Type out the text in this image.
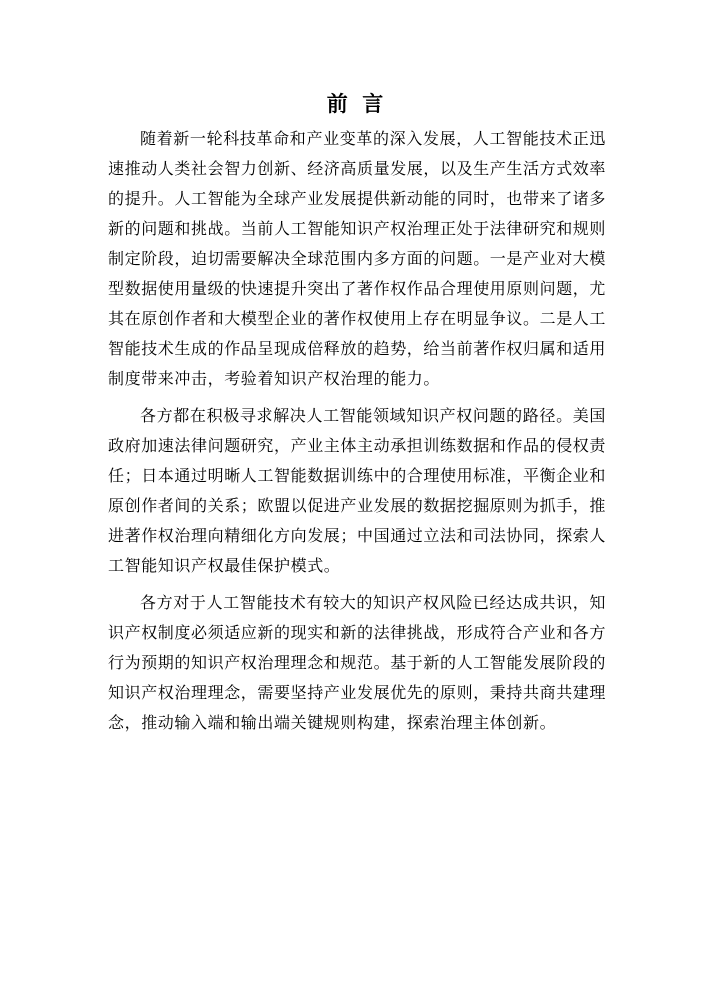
前  言

随着新一轮科技革命和产业变革的深入发展，人工智能技术正迅速推动人类社会智力创新、经济高质量发展，以及生产生活方式效率的提升。人工智能为全球产业发展提供新动能的同时，也带来了诸多新的问题和挑战。当前人工智能知识产权治理正处于法律研究和规则制定阶段，迫切需要解决全球范围内多方面的问题。一是产业对大模型数据使用量级的快速提升突出了著作权作品合理使用原则问题，尤其在原创作者和大模型企业的著作权使用上存在明显争议。二是人工智能技术生成的作品呈现成倍释放的趋势，给当前著作权归属和适用制度带来冲击，考验着知识产权治理的能力。

各方都在积极寻求解决人工智能领域知识产权问题的路径。美国政府加速法律问题研究，产业主体主动承担训练数据和作品的侵权责任；日本通过明晰人工智能数据训练中的合理使用标准，平衡企业和原创作者间的关系；欧盟以促进产业发展的数据挖掘原则为抓手，推进著作权治理向精细化方向发展；中国通过立法和司法协同，探索人工智能知识产权最佳保护模式。

各方对于人工智能技术有较大的知识产权风险已经达成共识，知识产权制度必须适应新的现实和新的法律挑战，形成符合产业和各方行为预期的知识产权治理理念和规范。基于新的人工智能发展阶段的知识产权治理理念，需要坚持产业发展优先的原则，秉持共商共建理念，推动输入端和输出端关键规则构建，探索治理主体创新。
